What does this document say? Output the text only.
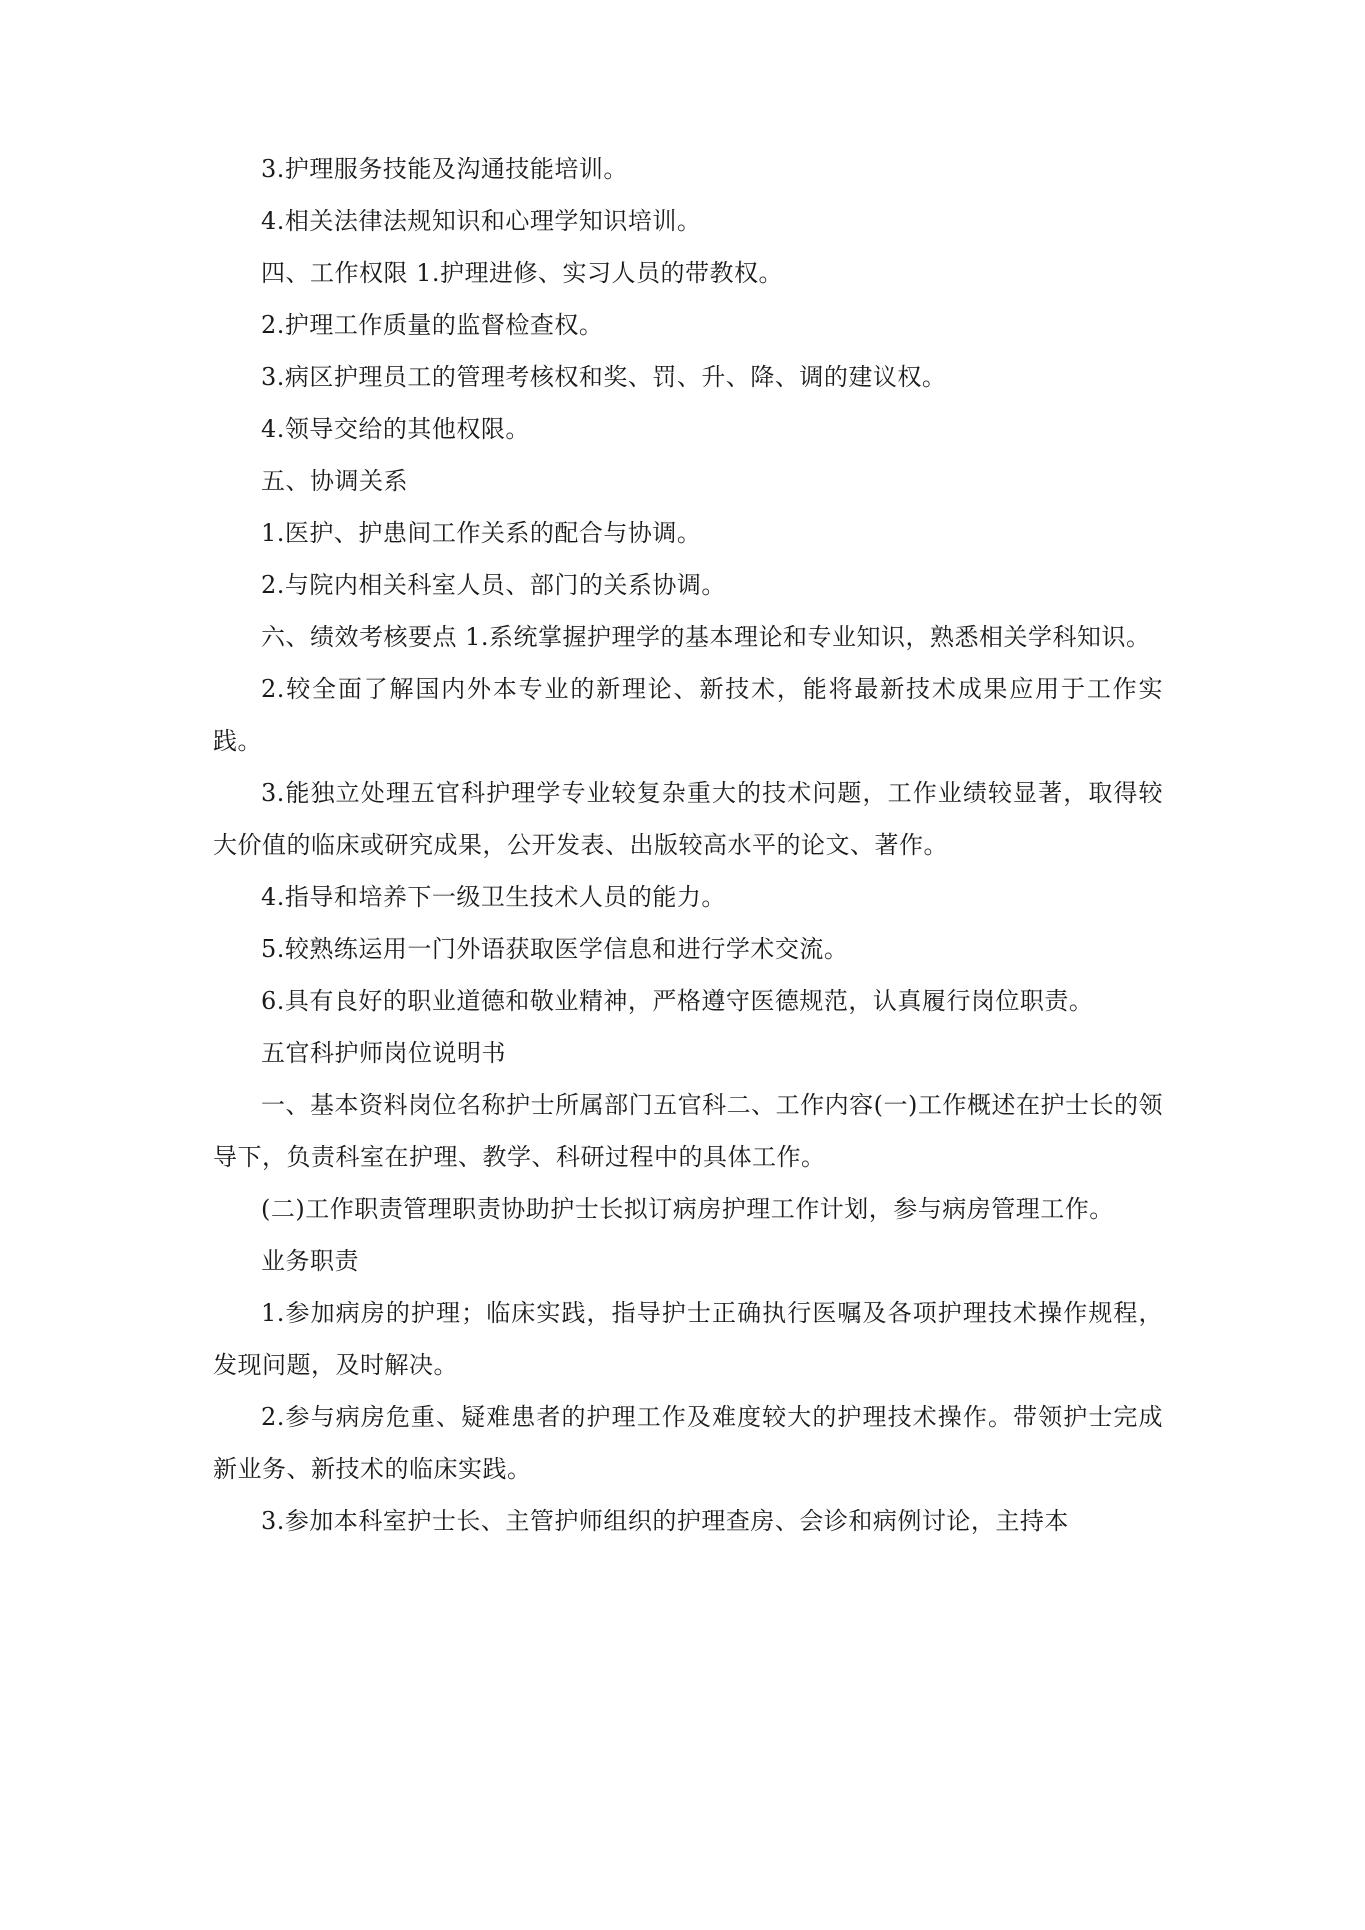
3.护理服务技能及沟通技能培训。

4.相关法律法规知识和心理学知识培训。

四、工作权限 1.护理进修、实习人员的带教权。

2.护理工作质量的监督检查权。

3.病区护理员工的管理考核权和奖、罚、升、降、调的建议权。

4.领导交给的其他权限。

五、协调关系

1.医护、护患间工作关系的配合与协调。

2.与院内相关科室人员、部门的关系协调。

六、绩效考核要点 1.系统掌握护理学的基本理论和专业知识，熟悉相关学科知识。

2.较全面了解国内外本专业的新理论、新技术，能将最新技术成果应用于工作实践。

3.能独立处理五官科护理学专业较复杂重大的技术问题，工作业绩较显著，取得较大价值的临床或研究成果，公开发表、出版较高水平的论文、著作。

4.指导和培养下一级卫生技术人员的能力。

5.较熟练运用一门外语获取医学信息和进行学术交流。

6.具有良好的职业道德和敬业精神，严格遵守医德规范，认真履行岗位职责。

五官科护师岗位说明书

一、基本资料岗位名称护士所属部门五官科二、工作内容(一)工作概述在护士长的领导下，负责科室在护理、教学、科研过程中的具体工作。

(二)工作职责管理职责协助护士长拟订病房护理工作计划，参与病房管理工作。

业务职责

1.参加病房的护理；临床实践，指导护士正确执行医嘱及各项护理技术操作规程，发现问题，及时解决。

2.参与病房危重、疑难患者的护理工作及难度较大的护理技术操作。带领护士完成新业务、新技术的临床实践。

3.参加本科室护士长、主管护师组织的护理查房、会诊和病例讨论，主持本
